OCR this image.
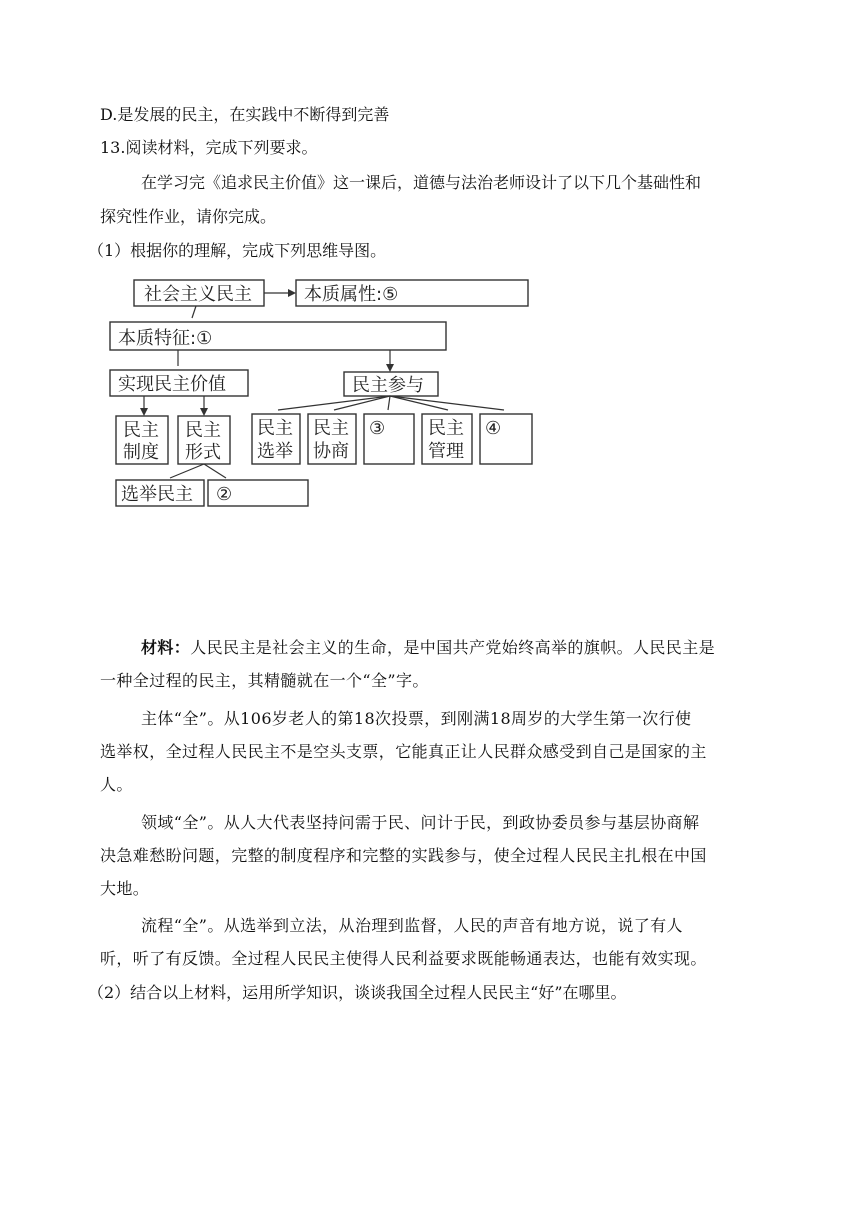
D.是发展的民主，在实践中不断得到完善
13.阅读材料，完成下列要求。
在学习完《追求民主价值》这一课后，道德与法治老师设计了以下几个基础性和
探究性作业，请你完成。
（1）根据你的理解，完成下列思维导图。
社会主义民主	本质属性:⑤
本质特征:①
实现民主价值
民主
制度
民主
形式
选举民主 ②
民主参与
民主
选举
民主
协商
③ 民主
管理
④
材料：人民民主是社会主义的生命，是中国共产党始终高举的旗帜。人民民主是
一种全过程的民主，其精髓就在一个“全”字。
主体“全”。从106岁老人的第18次投票，到刚满18周岁的大学生第一次行使
选举权，全过程人民民主不是空头支票，它能真正让人民群众感受到自己是国家的主
人。
领域“全”。从人大代表坚持问需于民、问计于民，到政协委员参与基层协商解
决急难愁盼问题，完整的制度程序和完整的实践参与，使全过程人民民主扎根在中国
大地。
流程“全”。从选举到立法，从治理到监督，人民的声音有地方说，说了有人
听，听了有反馈。全过程人民民主使得人民利益要求既能畅通表达，也能有效实现。
（2）结合以上材料，运用所学知识，谈谈我国全过程人民民主“好”在哪里。
